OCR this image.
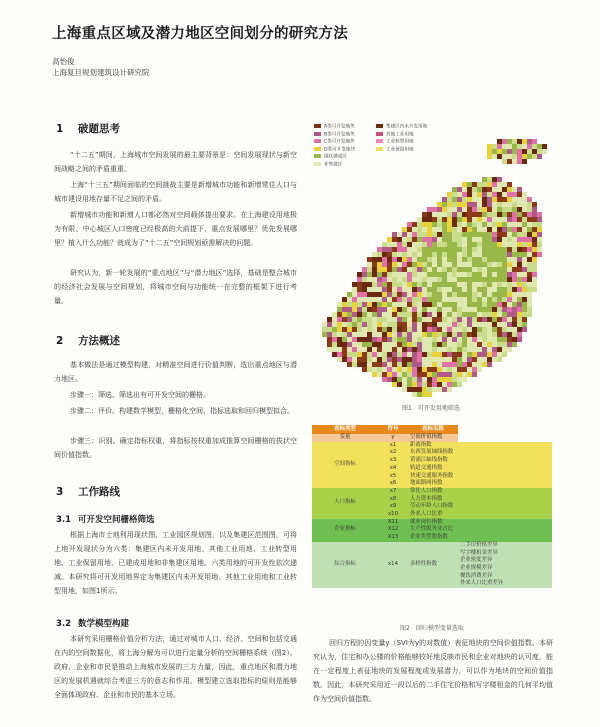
上海重点区域及潜力地区空间划分的研究方法
高怡俊
上海复旦规划建筑设计研究院
1 破题思考

“十二五”期间，上海城市空间发展的最主要背景是：空间发展现状与新空间战略之间的矛盾重重。

上海“十三五”期间面临的空间挑战主要是新增城市功能和新增常住人口与城市建设用地存量不足之间的矛盾。

新增城市功能和新增人口都必然对空间载体提出要求。在上海建设用地极为有限、中心城区人口密度已经极高的大前提下，重点发展哪里？优先发展哪里？植入什么功能？就成为了“十二五”空间规划亟需解决的问题。

研究认为，新一轮发展的“重点地区”与“潜力地区”选择，基础是整合城市的经济社会发展与空间规划，将城市空间与功能统一在完整的框架下进行考量。

2 方法概述

基本做法是通过模型构建，对精准空间进行价值判断，选出重点地区与潜力地区。

步骤一：筛选。筛选出有可开发空间的栅格。

步骤二：评价。构建数学模型，栅格化空间、指标选取和回归模型拟合。

步骤三：识别。确定指标权重，将指标按权重加成推算空间栅格的拔状空间价值指数。

3 工作路线
3.1 可开发空间栅格筛选

根据上海市土地利用现状图、工业园区规划图，以及集建区范围图，可将上地开发现状分为六类：集建区内未开发用地、其他工业用地、工业转型用地、工业保留用地、已建成用地和非集建区用地。六类用地的可开发性依次递减。本研究将可开发用地界定为集建区内未开发用地、其他工业用地和工业转型用地，如图1所示。

3.2 数学模型构建

本研究采用栅格价值分析方法，通过对城市人口、经济、空间和包括交通在内的空间数据化，将上海分解为可以进行定量分析的空间栅格系统（图2）。政府、企业和市民是推动上海城市发展的三方力量，因此，重点地区和潜力地区的发展机遇就综合考虑三方的意志和作用。模型建立选取指标的原则是能够全面体现政府、企业和市民的基本立场。

A类可开发地块
B类可开发地块
C类可开发地块
D类可开发地块
现状建成区
非集建区
集建区内未开发用地
其他工业用地
工业转型用地
工业保留用地
图1　可开发用地筛选
指标类型	符号	指标名称	
变量	y	空间价值指数	
空间指标	x1	距离指数	
	x2	东西发展轴线指数	
	x3	黄浦江轴线指数	
	x4	轨道交通指数	
	x5	快速交通服务指数	
	x6	地面路网指数	
人口指标	x7	常住人口指数	
	x8	人力资本指数	
	x9	劳动年龄人口指数	
	x10	外来人口比重	
企业指标	X11	就业岗位指数	
	X12	生产性服务业占比	
	X13	企业类型数指数	
综合指标	x14	多样性指数	二手房价格差异
			写字楼租金差异
			企业密度差异
			企业规模差异
			餐饮消费差异
			外来人口比重差异
图2　回归模型变量选取

回归方程的因变量y（SVI为y的对数值）表征地块的空间价值指数。本研究认为，住宅和办公楼的价格能够较好地反映市民和企业对地块的认可度，能在一定程度上表征地块的发展程度或发展潜力，可以作为地块的空间价值指数。因此，本研究采用近一段以后的二手住宅价格和写字楼租金的几何平均值作为空间价值指数。
